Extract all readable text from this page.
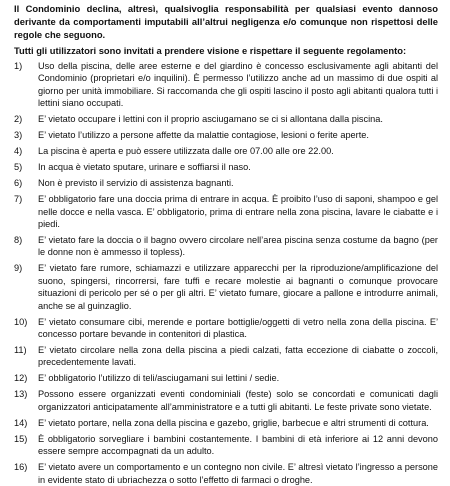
Il Condominio declina, altresì, qualsivoglia responsabilità per qualsiasi evento dannoso derivante da comportamenti imputabili all’altrui negligenza e/o comunque non rispettosi delle regole che seguono.

Tutti gli utilizzatori sono invitati a prendere visione e rispettare il seguente regolamento:

1)	Uso della piscina, delle aree esterne e del giardino è concesso esclusivamente agli abitanti del Condominio (proprietari e/o inquilini). È permesso l’utilizzo anche ad un massimo di due ospiti al giorno per unità immobiliare. Si raccomanda che gli ospiti lascino il posto agli abitanti qualora tutti i lettini siano occupati.
2)	E’ vietato occupare i lettini con il proprio asciugamano se ci si allontana dalla piscina.
3)	E’ vietato l’utilizzo a persone affette da malattie contagiose, lesioni o ferite aperte.
4)	La piscina è aperta e può essere utilizzata dalle ore 07.00 alle ore 22.00.
5)	In acqua è vietato sputare, urinare e soffiarsi il naso.
6)	Non è previsto il servizio di assistenza bagnanti.
7)	E’ obbligatorio fare una doccia prima di entrare in acqua. È proibito l’uso di saponi, shampoo e gel nelle docce e nella vasca. E’ obbligatorio, prima di entrare nella zona piscina, lavare le ciabatte e i piedi.
8)	E’ vietato fare la doccia o il bagno ovvero circolare nell’area piscina senza costume da bagno (per le donne non è ammesso il topless).
9)	E’ vietato fare rumore, schiamazzi e utilizzare apparecchi per la riproduzione/amplificazione del suono, spingersi, rincorrersi, fare tuffi e recare molestie ai bagnanti o comunque provocare situazioni di pericolo per sé o per gli altri. E’ vietato fumare, giocare a pallone e introdurre animali, anche se al guinzaglio.
10)	E’ vietato consumare cibi, merende e portare bottiglie/oggetti di vetro nella zona della piscina. E’ concesso portare bevande in contenitori di plastica.
11)	E’ vietato circolare nella zona della piscina a piedi calzati, fatta eccezione di ciabatte o zoccoli, precedentemente lavati.
12)	E’ obbligatorio l’utilizzo di teli/asciugamani sui lettini / sedie.
13)	Possono essere organizzati eventi condominiali (feste) solo se concordati e comunicati dagli organizzatori anticipatamente all’amministratore e a tutti gli abitanti. Le feste private sono vietate.
14)	E’ vietato portare, nella zona della piscina e gazebo, griglie, barbecue e altri strumenti di cottura.
15)	È obbligatorio sorvegliare i bambini costantemente. I bambini di età inferiore ai 12 anni devono essere sempre accompagnati da un adulto.
16)	E’ vietato avere un comportamento e un contegno non civile. E’ altresì vietato l’ingresso a persone in evidente stato di ubriachezza o sotto l’effetto di farmaci o droghe.
